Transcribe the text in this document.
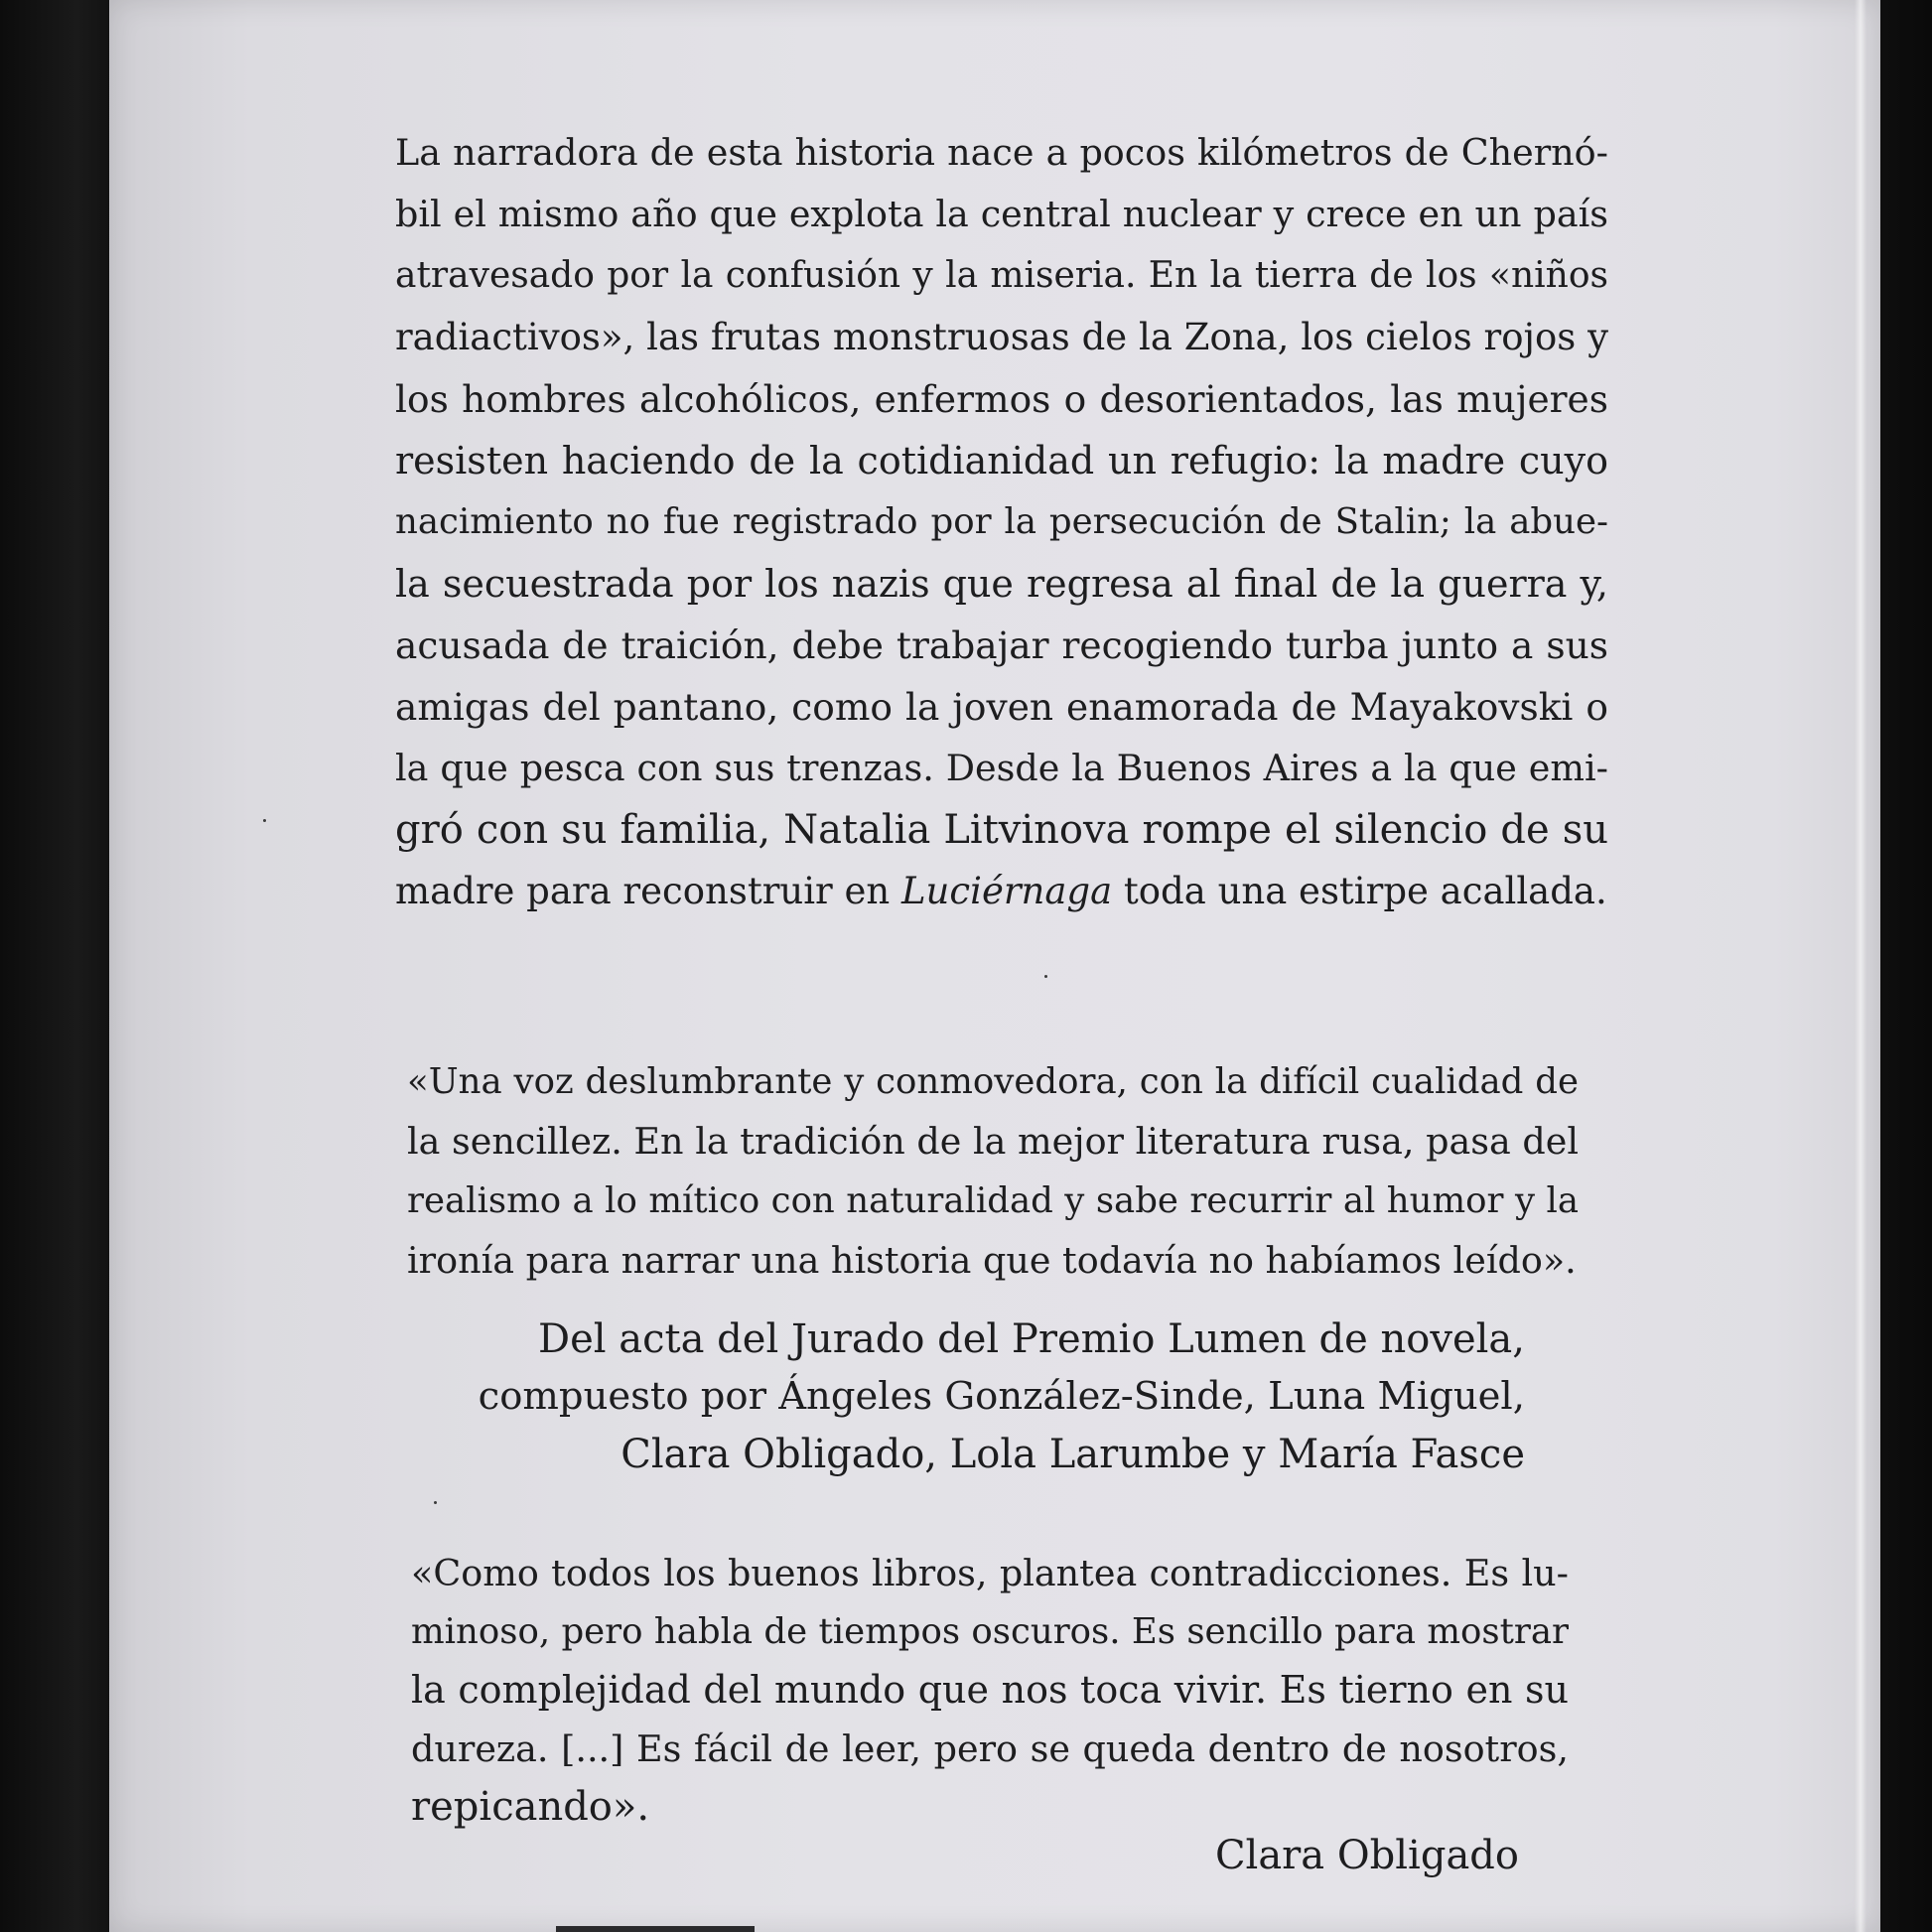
La narradora de esta historia nace a pocos kilómetros de Chernó-
bil el mismo año que explota la central nuclear y crece en un país
atravesado por la confusión y la miseria. En la tierra de los «niños
radiactivos», las frutas monstruosas de la Zona, los cielos rojos y
los hombres alcohólicos, enfermos o desorientados, las mujeres
resisten haciendo de la cotidianidad un refugio: la madre cuyo
nacimiento no fue registrado por la persecución de Stalin; la abue-
la secuestrada por los nazis que regresa al final de la guerra y,
acusada de traición, debe trabajar recogiendo turba junto a sus
amigas del pantano, como la joven enamorada de Mayakovski o
la que pesca con sus trenzas. Desde la Buenos Aires a la que emi-
gró con su familia, Natalia Litvinova rompe el silencio de su
madre para reconstruir en Luciérnaga toda una estirpe acallada.
«Una voz deslumbrante y conmovedora, con la difícil cualidad de
la sencillez. En la tradición de la mejor literatura rusa, pasa del
realismo a lo mítico con naturalidad y sabe recurrir al humor y la
ironía para narrar una historia que todavía no habíamos leído».
Del acta del Jurado del Premio Lumen de novela,
compuesto por Ángeles González-Sinde, Luna Miguel,
Clara Obligado, Lola Larumbe y María Fasce
«Como todos los buenos libros, plantea contradicciones. Es lu-
minoso, pero habla de tiempos oscuros. Es sencillo para mostrar
la complejidad del mundo que nos toca vivir. Es tierno en su
dureza. [...] Es fácil de leer, pero se queda dentro de nosotros,
repicando».
Clara Obligado
